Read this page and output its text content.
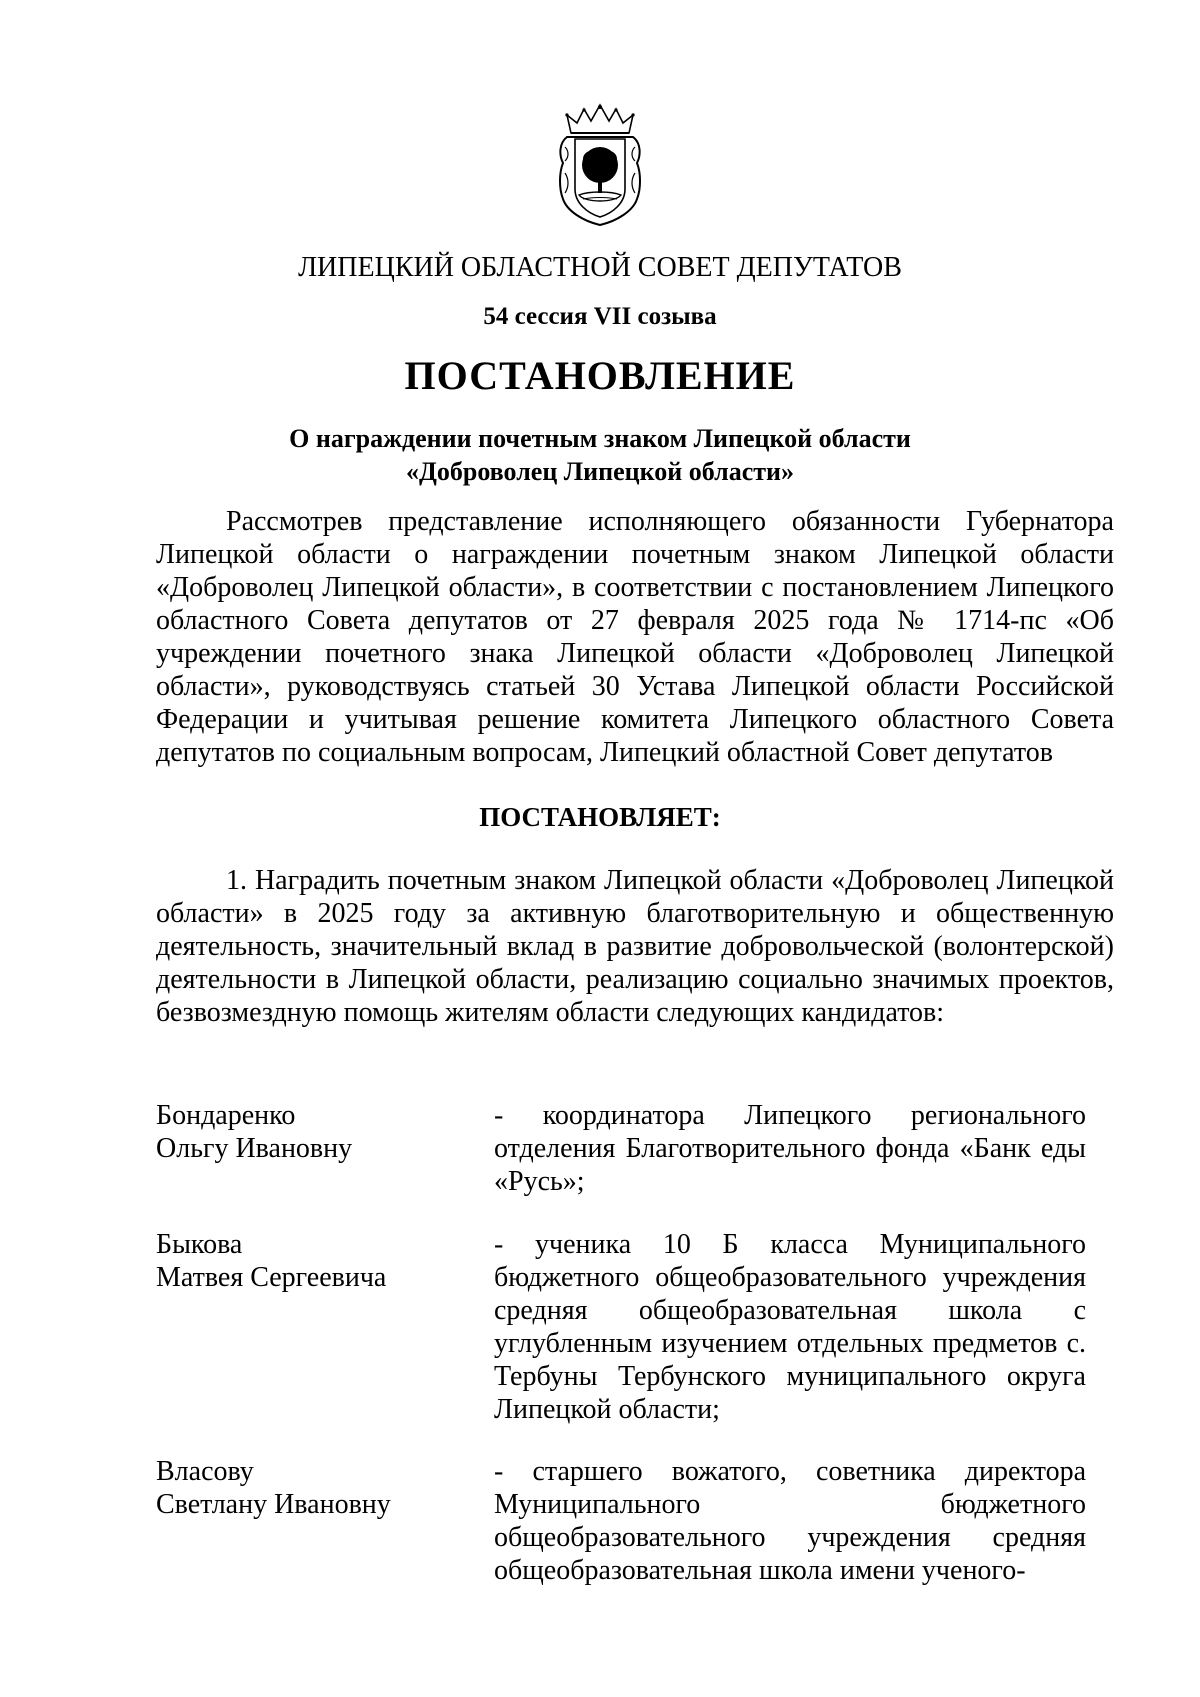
ЛИПЕЦКИЙ ОБЛАСТНОЙ СОВЕТ ДЕПУТАТОВ
54 сессия VII созыва
ПОСТАНОВЛЕНИЕ
О награждении почетным знаком Липецкой области
«Доброволец Липецкой области»

Рассмотрев представление исполняющего обязанности Губернатора Липецкой области о награждении почетным знаком Липецкой области «Доброволец Липецкой области», в соответствии с постановлением Липецкого областного Совета депутатов от 27 февраля 2025 года № 1714-пс «Об учреждении почетного знака Липецкой области «Доброволец Липецкой области», руководствуясь статьей 30 Устава Липецкой области Российской Федерации и учитывая решение комитета Липецкого областного Совета депутатов по социальным вопросам, Липецкий областной Совет депутатов

ПОСТАНОВЛЯЕТ:

1. Наградить почетным знаком Липецкой области «Доброволец Липецкой области» в 2025 году за активную благотворительную и общественную деятельность, значительный вклад в развитие добровольческой (волонтерской) деятельности в Липецкой области, реализацию социально значимых проектов, безвозмездную помощь жителям области следующих кандидатов:

Бондаренко
Ольгу Ивановну
- координатора Липецкого регионального отделения Благотворительного фонда «Банк еды «Русь»;
Быкова
Матвея Сергеевича
- ученика 10 Б класса Муниципального бюджетного общеобразовательного учреждения средняя общеобразовательная школа с углубленным изучением отдельных предметов с. Тербуны Тербунского муниципального округа Липецкой области;
Власову
Светлану Ивановну
- старшего вожатого, советника директора Муниципального бюджетного общеобразовательного учреждения средняя общеобразовательная школа имени ученого-
